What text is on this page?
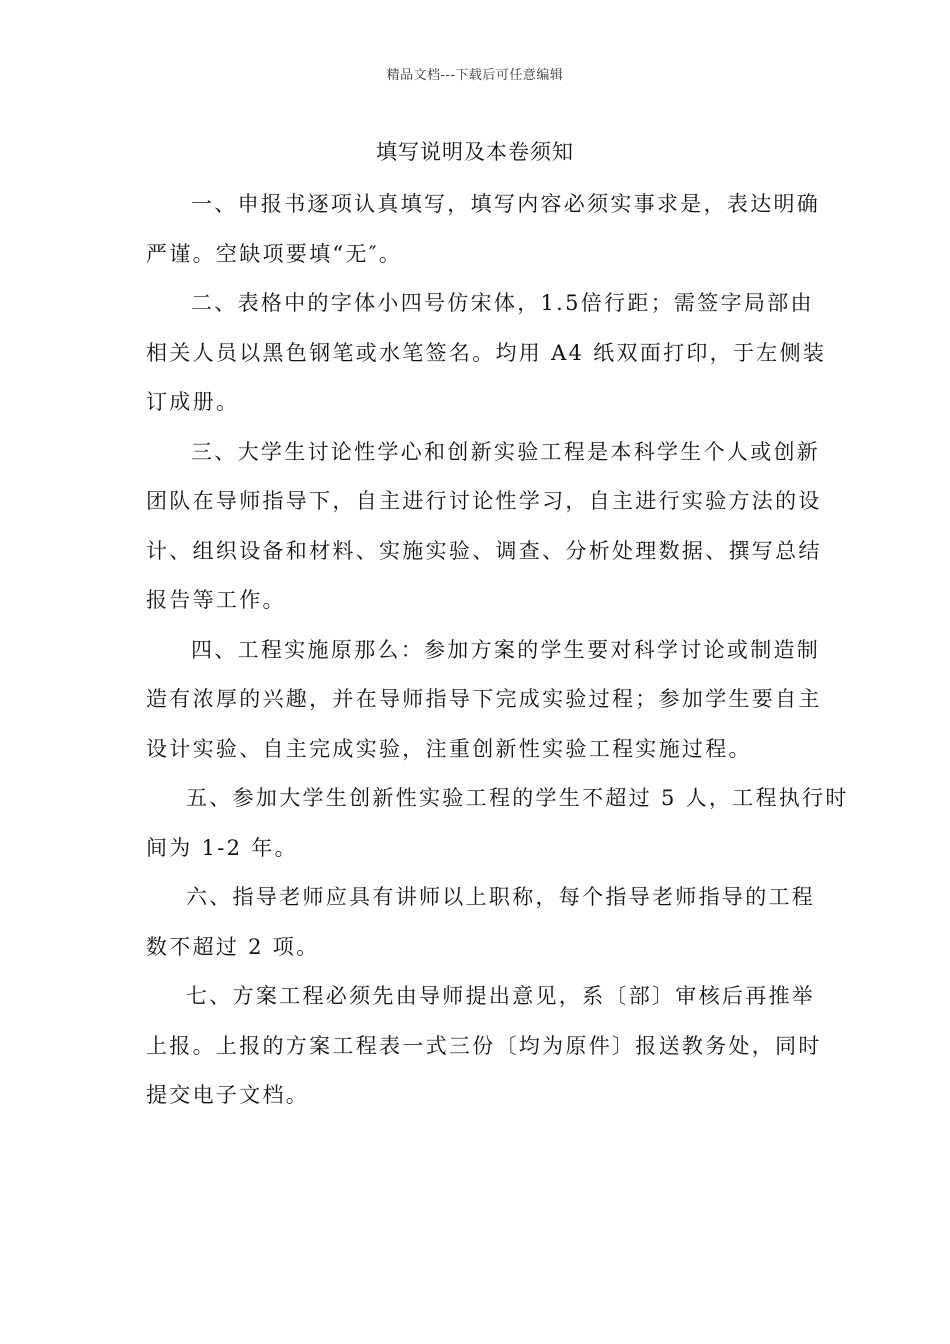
精品文档---下载后可任意编辑
填写说明及本卷须知

一、申报书逐项认真填写，填写内容必须实事求是，表达明确
严谨。空缺项要填“无″。

二、表格中的字体小四号仿宋体，1.5倍行距；需签字局部由
相关人员以黑色钢笔或水笔签名。均用 A4 纸双面打印，于左侧装
订成册。

三、大学生讨论性学心和创新实验工程是本科学生个人或创新
团队在导师指导下，自主进行讨论性学习，自主进行实验方法的设
计、组织设备和材料、实施实验、调查、分析处理数据、撰写总结
报告等工作。

四、工程实施原那么：参加方案的学生要对科学讨论或制造制
造有浓厚的兴趣，并在导师指导下完成实验过程；参加学生要自主
设计实验、自主完成实验，注重创新性实验工程实施过程。

五、参加大学生创新性实验工程的学生不超过 5 人，工程执行时
间为 1-2 年。

六、指导老师应具有讲师以上职称，每个指导老师指导的工程
数不超过 2 项。

七、方案工程必须先由导师提出意见，系〔部〕审核后再推举
上报。上报的方案工程表一式三份〔均为原件〕报送教务处，同时
提交电子文档。
